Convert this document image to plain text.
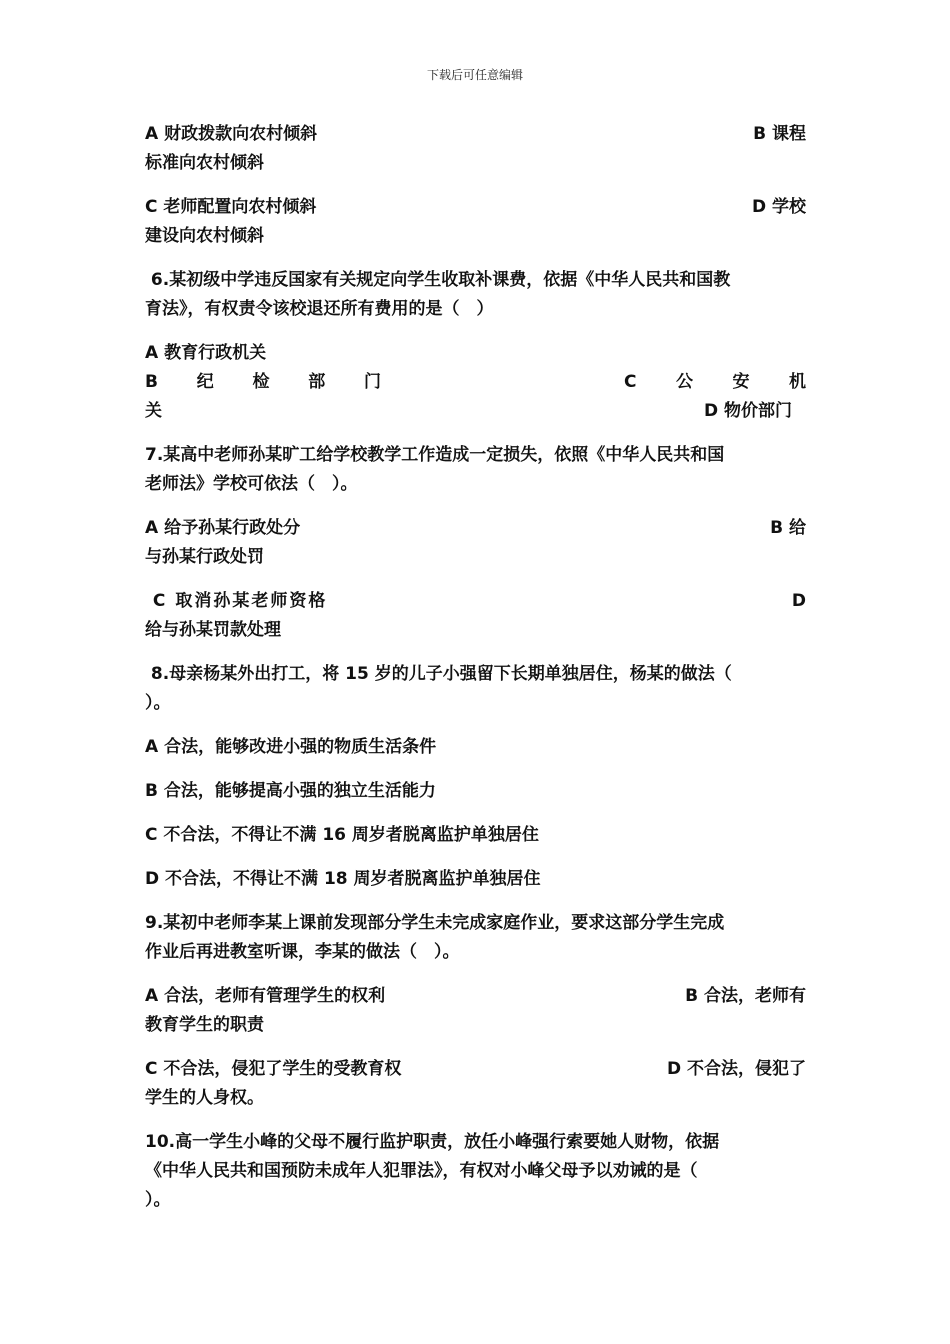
下载后可任意编辑
A 财政拨款向农村倾斜	B 课程
标准向农村倾斜
C 老师配置向农村倾斜	D 学校
建设向农村倾斜
6.某初级中学违反国家有关规定向学生收取补课费，依据《中华人民共和国教
育法》，有权责令该校退还所有费用的是（　）
A 教育行政机关
B 纪 检 部 门	C 公 安 机
关	D 物价部门
7.某高中老师孙某旷工给学校教学工作造成一定损失，依照《中华人民共和国
老师法》学校可依法（　）。
A 给予孙某行政处分	B 给
与孙某行政处罚
C 取消孙某老师资格	D
给与孙某罚款处理
8.母亲杨某外出打工，将 15 岁的儿子小强留下长期单独居住，杨某的做法（
）。
A 合法，能够改进小强的物质生活条件
B 合法，能够提高小强的独立生活能力
C 不合法，不得让不满 16 周岁者脱离监护单独居住
D 不合法，不得让不满 18 周岁者脱离监护单独居住
9.某初中老师李某上课前发现部分学生未完成家庭作业，要求这部分学生完成
作业后再进教室听课，李某的做法（　）。
A 合法，老师有管理学生的权利	B 合法，老师有
教育学生的职责
C 不合法，侵犯了学生的受教育权	D 不合法，侵犯了
学生的人身权。
10.高一学生小峰的父母不履行监护职责，放任小峰强行索要她人财物，依据
《中华人民共和国预防未成年人犯罪法》，有权对小峰父母予以劝诫的是（
）。
